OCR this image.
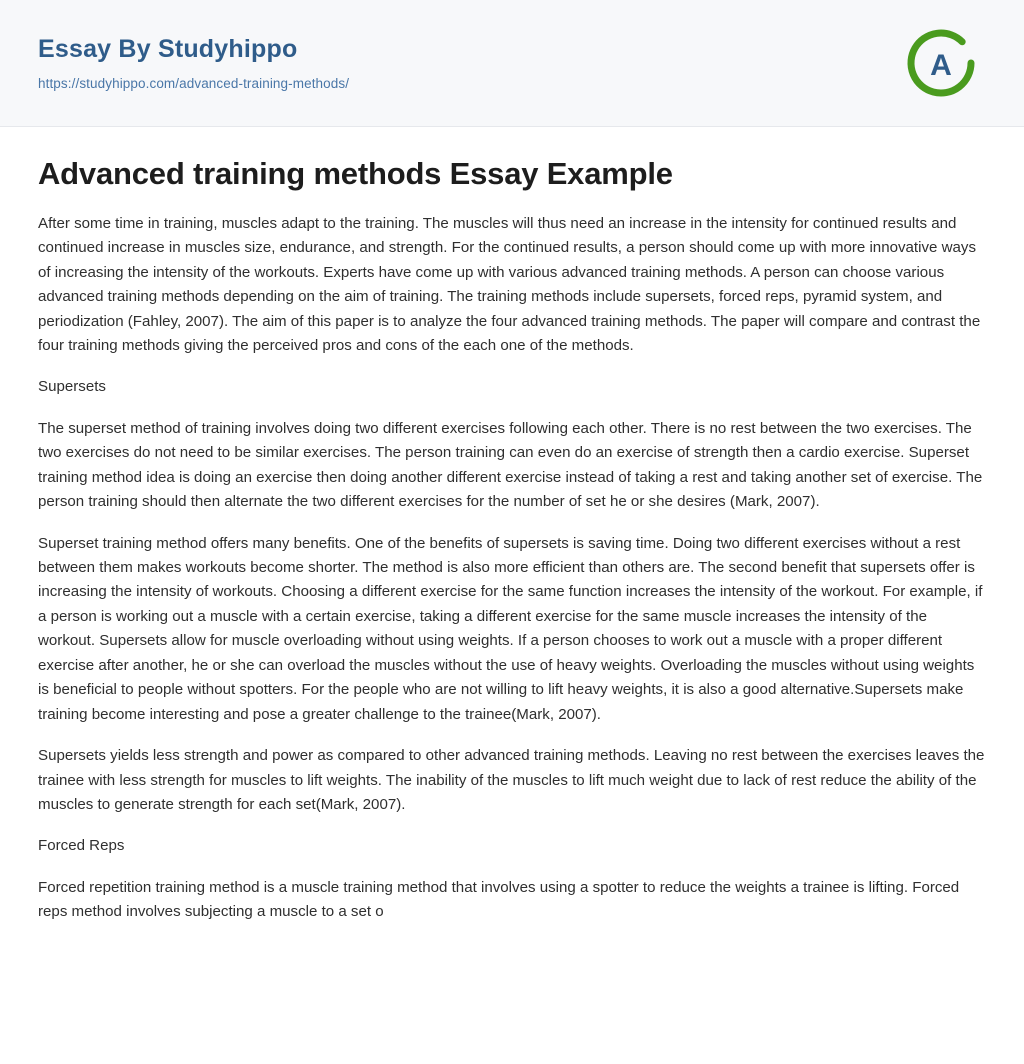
Essay By Studyhippo
https://studyhippo.com/advanced-training-methods/
A
Advanced training methods Essay Example

After some time in training, muscles adapt to the training. The muscles will thus need an increase in the intensity for continued results and continued increase in muscles size, endurance, and strength. For the continued results, a person should come up with more innovative ways of increasing the intensity of the workouts. Experts have come up with various advanced training methods. A person can choose various advanced training methods depending on the aim of training. The training methods include supersets, forced reps, pyramid system, and periodization (Fahley, 2007). The aim of this paper is to analyze the four advanced training methods. The paper will compare and contrast the four training methods giving the perceived pros and cons of the each one of the methods.

Supersets

The superset method of training involves doing two different exercises following each other. There is no rest between the two exercises. The two exercises do not need to be similar exercises. The person training can even do an exercise of strength then a cardio exercise. Superset training method idea is doing an exercise then doing another different exercise instead of taking a rest and taking another set of exercise. The person training should then alternate the two different exercises for the number of set he or she desires (Mark, 2007).

Superset training method offers many benefits. One of the benefits of supersets is saving time. Doing two different exercises without a rest between them makes workouts become shorter. The method is also more efficient than others are. The second benefit that supersets offer is increasing the intensity of workouts. Choosing a different exercise for the same function increases the intensity of the workout. For example, if a person is working out a muscle with a certain exercise, taking a different exercise for the same muscle increases the intensity of the workout. Supersets allow for muscle overloading without using weights. If a person chooses to work out a muscle with a proper different exercise after another, he or she can overload the muscles without the use of heavy weights. Overloading the muscles without using weights is beneficial to people without spotters. For the people who are not willing to lift heavy weights, it is also a good alternative.Supersets make training become interesting and pose a greater challenge to the trainee(Mark, 2007).

Supersets yields less strength and power as compared to other advanced training methods. Leaving no rest between the exercises leaves the trainee with less strength for muscles to lift weights. The inability of the muscles to lift much weight due to lack of rest reduce the ability of the muscles to generate strength for each set(Mark, 2007).

Forced Reps

Forced repetition training method is a muscle training method that involves using a spotter to reduce the weights a trainee is lifting. Forced reps method involves subjecting a muscle to a set o
